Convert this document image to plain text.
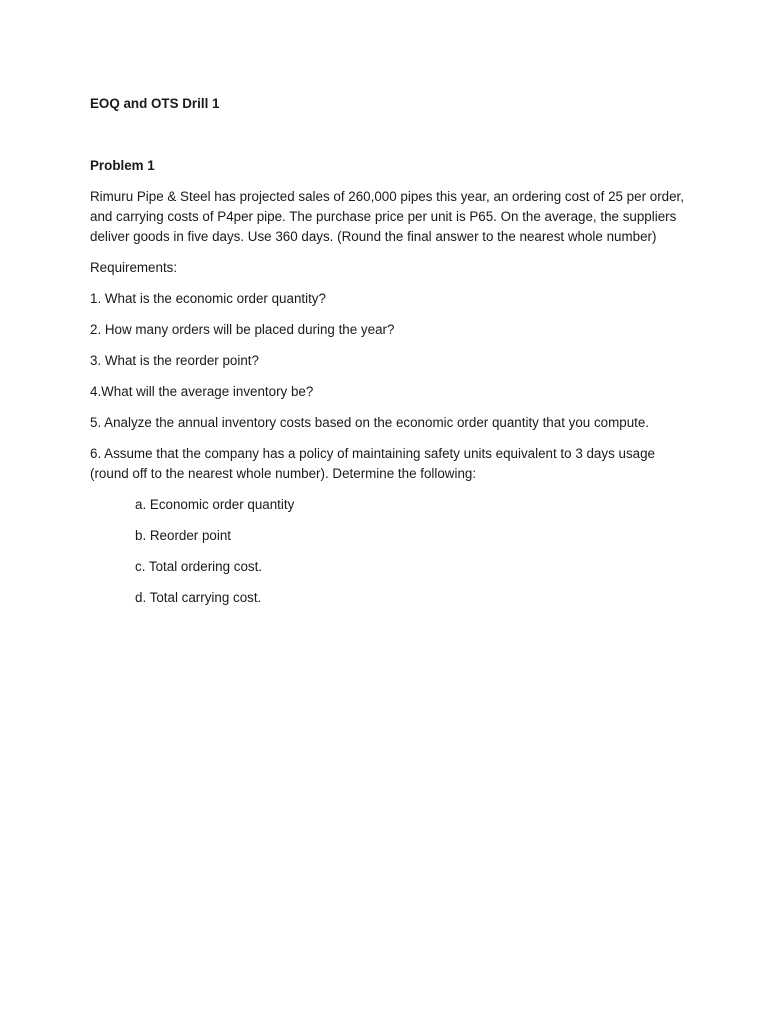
EOQ and OTS Drill 1
Problem 1
Rimuru Pipe & Steel has projected sales of 260,000 pipes this year, an ordering cost of 25 per order, and carrying costs of P4per pipe. The purchase price per unit is P65. On the average, the suppliers deliver goods in five days. Use 360 days. (Round the final answer to the nearest whole number)
Requirements:
1. What is the economic order quantity?
2. How many orders will be placed during the year?
3. What is the reorder point?
4.What will the average inventory be?
5. Analyze the annual inventory costs based on the economic order quantity that you compute.
6. Assume that the company has a policy of maintaining safety units equivalent to 3 days usage (round off to the nearest whole number). Determine the following:
a. Economic order quantity
b. Reorder point
c. Total ordering cost.
d. Total carrying cost.
